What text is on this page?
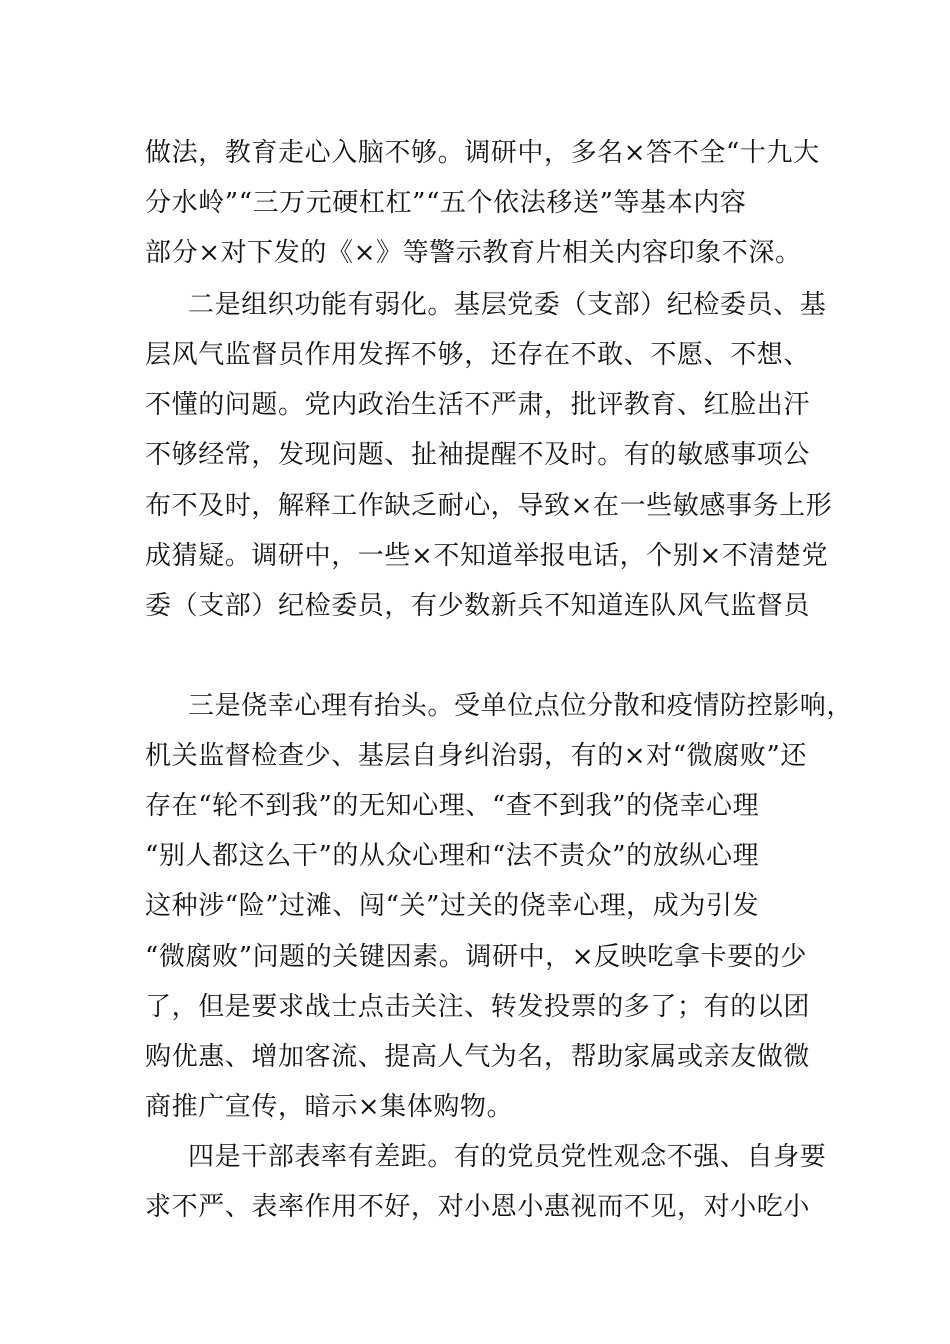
做法，教育走心入脑不够。调研中，多名×答不全“十九大
分水岭”“三万元硬杠杠”“五个依法移送”等基本内容
部分×对下发的《×》等警示教育片相关内容印象不深。
二是组织功能有弱化。基层党委（支部）纪检委员、基
层风气监督员作用发挥不够，还存在不敢、不愿、不想、
不懂的问题。党内政治生活不严肃，批评教育、红脸出汗
不够经常，发现问题、扯袖提醒不及时。有的敏感事项公
布不及时，解释工作缺乏耐心，导致×在一些敏感事务上形
成猜疑。调研中，一些×不知道举报电话，个别×不清楚党
委（支部）纪检委员，有少数新兵不知道连队风气监督员
三是侥幸心理有抬头。受单位点位分散和疫情防控影响，
机关监督检查少、基层自身纠治弱，有的×对“微腐败”还
存在“轮不到我”的无知心理、“查不到我”的侥幸心理
“别人都这么干”的从众心理和“法不责众”的放纵心理
这种涉“险”过滩、闯“关”过关的侥幸心理，成为引发
“微腐败”问题的关键因素。调研中，×反映吃拿卡要的少
了，但是要求战士点击关注、转发投票的多了；有的以团
购优惠、增加客流、提高人气为名，帮助家属或亲友做微
商推广宣传，暗示×集体购物。
四是干部表率有差距。有的党员党性观念不强、自身要
求不严、表率作用不好，对小恩小惠视而不见，对小吃小
